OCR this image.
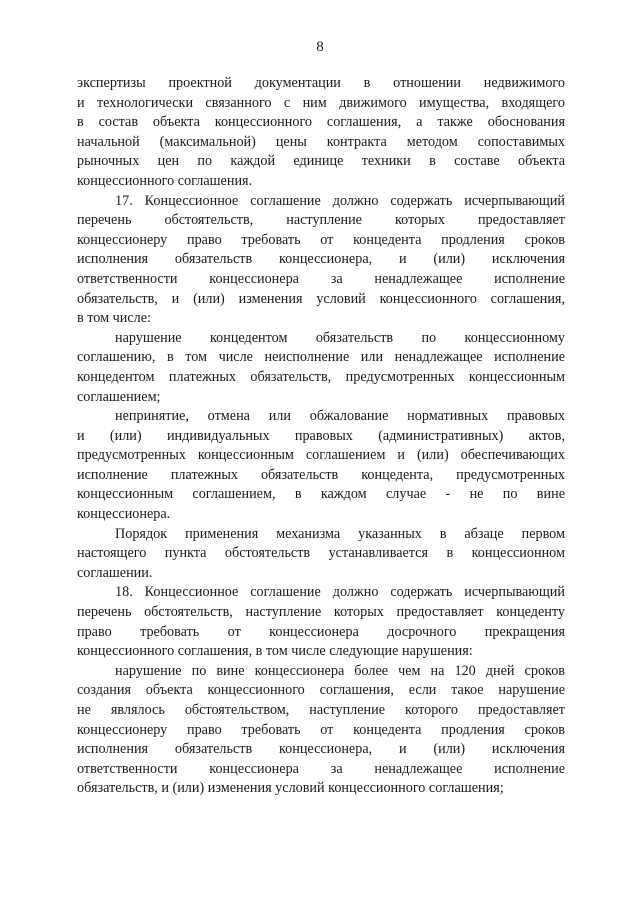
8
экспертизы проектной документации в отношении недвижимого
и технологически связанного с ним движимого имущества, входящего
в состав объекта концессионного соглашения, а также обоснования
начальной (максимальной) цены контракта методом сопоставимых
рыночных цен по каждой единице техники в составе объекта
концессионного соглашения.
17. Концессионное соглашение должно содержать исчерпывающий
перечень обстоятельств, наступление которых предоставляет
концессионеру право требовать от концедента продления сроков
исполнения обязательств концессионера, и (или) исключения
ответственности концессионера за ненадлежащее исполнение
обязательств, и (или) изменения условий концессионного соглашения,
в том числе:
нарушение концедентом обязательств по концессионному
соглашению, в том числе неисполнение или ненадлежащее исполнение
концедентом платежных обязательств, предусмотренных концессионным
соглашением;
непринятие, отмена или обжалование нормативных правовых
и (или) индивидуальных правовых (административных) актов,
предусмотренных концессионным соглашением и (или) обеспечивающих
исполнение платежных обязательств концедента, предусмотренных
концессионным соглашением, в каждом случае - не по вине
концессионера.
Порядок применения механизма указанных в абзаце первом
настоящего пункта обстоятельств устанавливается в концессионном
соглашении.
18. Концессионное соглашение должно содержать исчерпывающий
перечень обстоятельств, наступление которых предоставляет концеденту
право требовать от концессионера досрочного прекращения
концессионного соглашения, в том числе следующие нарушения:
нарушение по вине концессионера более чем на 120 дней сроков
создания объекта концессионного соглашения, если такое нарушение
не являлось обстоятельством, наступление которого предоставляет
концессионеру право требовать от концедента продления сроков
исполнения обязательств концессионера, и (или) исключения
ответственности концессионера за ненадлежащее исполнение
обязательств, и (или) изменения условий концессионного соглашения;
